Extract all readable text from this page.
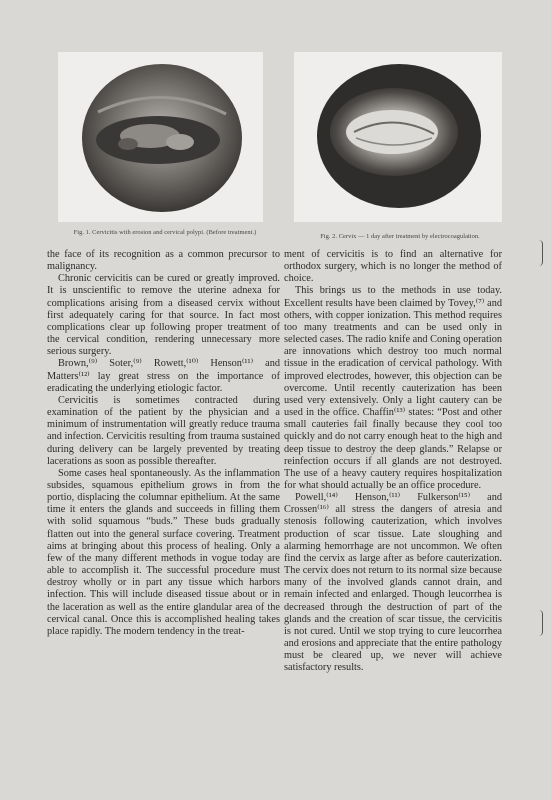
Fig. 1. Cervicitis with erosion and cervical polypi. (Before treatment.)
Fig. 2. Cervix — 1 day after treatment by electrocoagulation.

the face of its recognition as a common precursor to malignancy.

Chronic cervicitis can be cured or greatly improved. It is unscientific to remove the uterine adnexa for complications arising from a diseased cervix without first adequately caring for that source. In fact most complications clear up following proper treatment of the cervical condition, rendering unnecessary more serious surgery.

Brown,⁽⁹⁾ Soter,⁽⁹⁾ Rowett,⁽¹⁰⁾ Henson⁽¹¹⁾ and Matters⁽¹²⁾ lay great stress on the importance of eradicating the underlying etiologic factor.

Cervicitis is sometimes contracted during examination of the patient by the physician and a minimum of instrumentation will greatly reduce trauma and infection. Cervicitis resulting from trauma sustained during delivery can be largely prevented by treating lacerations as soon as possible thereafter.

Some cases heal spontaneously. As the inflammation subsides, squamous epithelium grows in from the portio, displacing the columnar epithelium. At the same time it enters the glands and succeeds in filling them with solid squamous “buds.” These buds gradually flatten out into the general surface covering. Treatment aims at bringing about this process of healing. Only a few of the many different methods in vogue today are able to accomplish it. The successful procedure must destroy wholly or in part any tissue which harbors infection. This will include diseased tissue about or in the laceration as well as the entire glandular area of the cervical canal. Once this is accomplished healing takes place rapidly. The modern tendency in the treat-

ment of cervicitis is to find an alternative for orthodox surgery, which is no longer the method of choice.

This brings us to the methods in use today. Excellent results have been claimed by Tovey,⁽⁷⁾ and others, with copper ionization. This method requires too many treatments and can be used only in selected cases. The radio knife and Coning operation are innovations which destroy too much normal tissue in the eradication of cervical pathology. With improved electrodes, however, this objection can be overcome. Until recently cauterization has been used very extensively. Only a light cautery can be used in the office. Chaffin⁽¹³⁾ states: “Post and other small cauteries fail finally because they cool too quickly and do not carry enough heat to the high and deep tissue to destroy the deep glands.” Relapse or reinfection occurs if all glands are not destroyed. The use of a heavy cautery requires hospitalization for what should actually be an office procedure.

Powell,⁽¹⁴⁾ Henson,⁽¹¹⁾ Fulkerson⁽¹⁵⁾ and Crossen⁽¹⁶⁾ all stress the dangers of atresia and stenosis following cauterization, which involves production of scar tissue. Late sloughing and alarming hemorrhage are not uncommon. We often find the cervix as large after as before cauterization. The cervix does not return to its normal size because many of the involved glands cannot drain, and remain infected and enlarged. Though leucorrhea is decreased through the destruction of part of the glands and the creation of scar tissue, the cervicitis is not cured. Until we stop trying to cure leucorrhea and erosions and appreciate that the entire pathology must be cleared up, we never will achieve satisfactory results.
